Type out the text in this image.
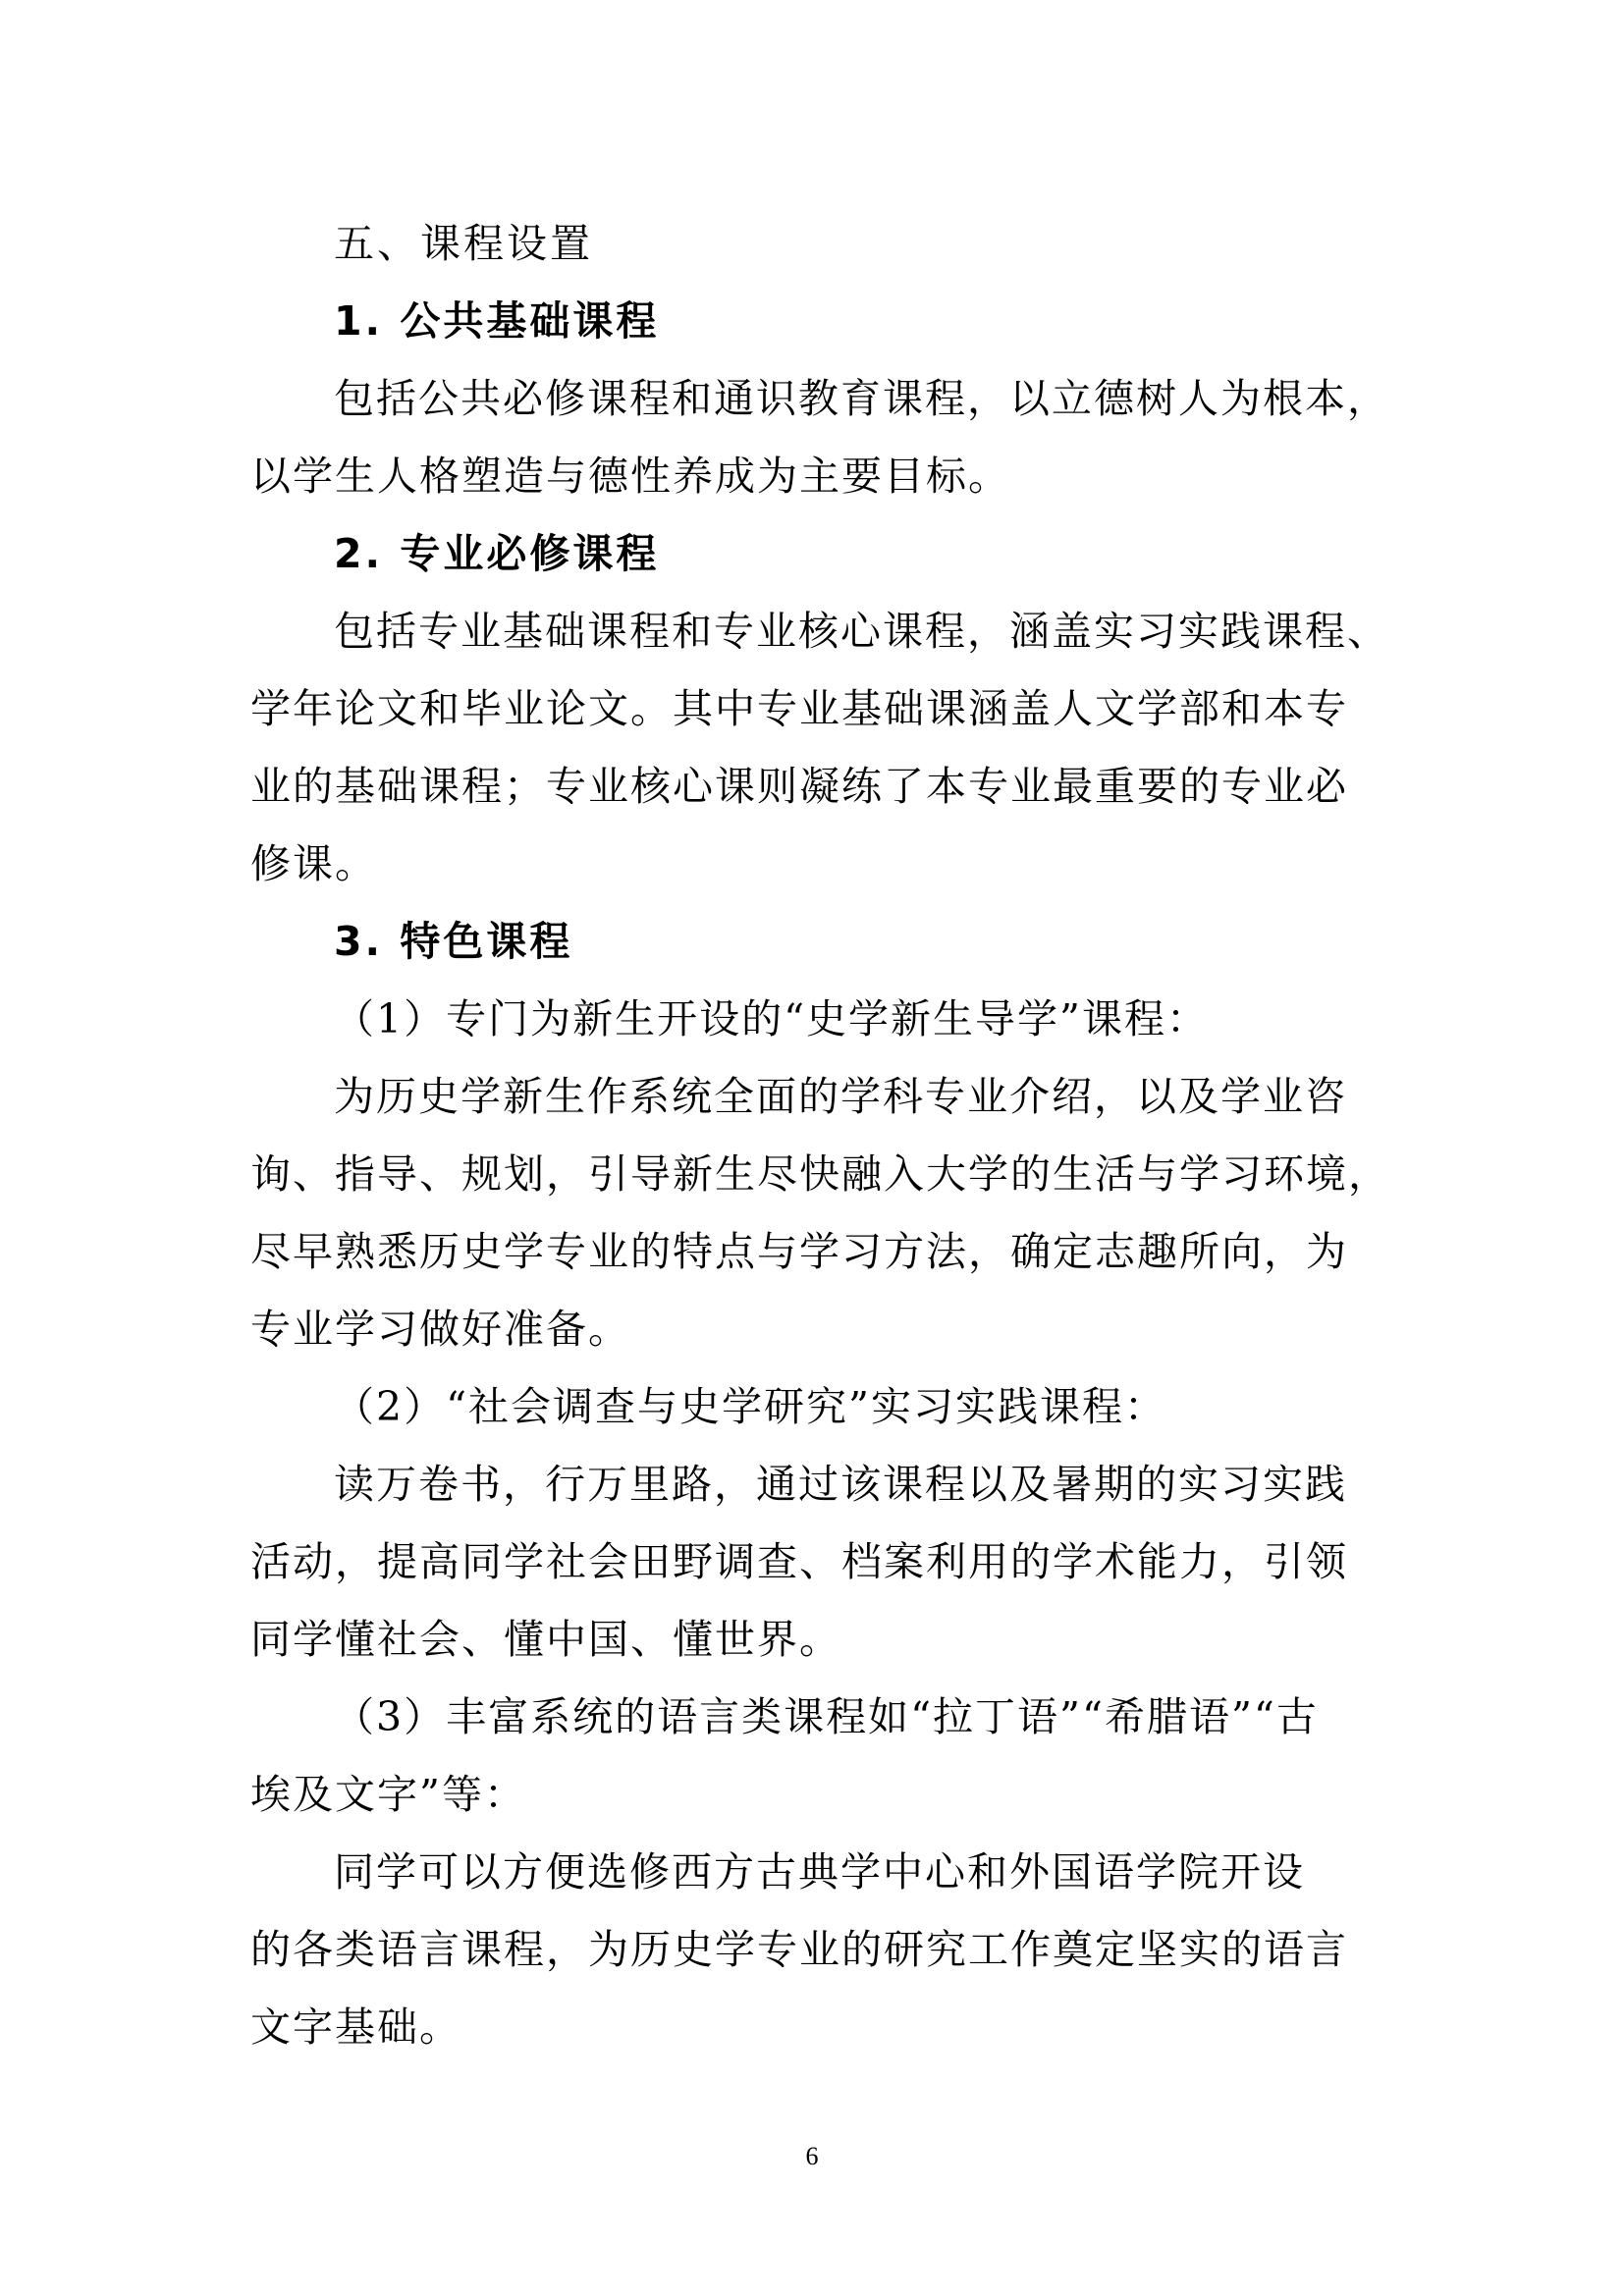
五、课程设置
1. 公共基础课程
包括公共必修课程和通识教育课程，以立德树人为根本，
以学生人格塑造与德性养成为主要目标。
2. 专业必修课程
包括专业基础课程和专业核心课程，涵盖实习实践课程、
学年论文和毕业论文。其中专业基础课涵盖人文学部和本专
业的基础课程；专业核心课则凝练了本专业最重要的专业必
修课。
3. 特色课程
（1）专门为新生开设的“史学新生导学”课程：
为历史学新生作系统全面的学科专业介绍，以及学业咨
询、指导、规划，引导新生尽快融入大学的生活与学习环境，
尽早熟悉历史学专业的特点与学习方法，确定志趣所向，为
专业学习做好准备。
（2）“社会调查与史学研究”实习实践课程：
读万卷书，行万里路，通过该课程以及暑期的实习实践
活动，提高同学社会田野调查、档案利用的学术能力，引领
同学懂社会、懂中国、懂世界。
（3）丰富系统的语言类课程如“拉丁语”“希腊语”“古
埃及文字”等：
同学可以方便选修西方古典学中心和外国语学院开设
的各类语言课程，为历史学专业的研究工作奠定坚实的语言
文字基础。
6
